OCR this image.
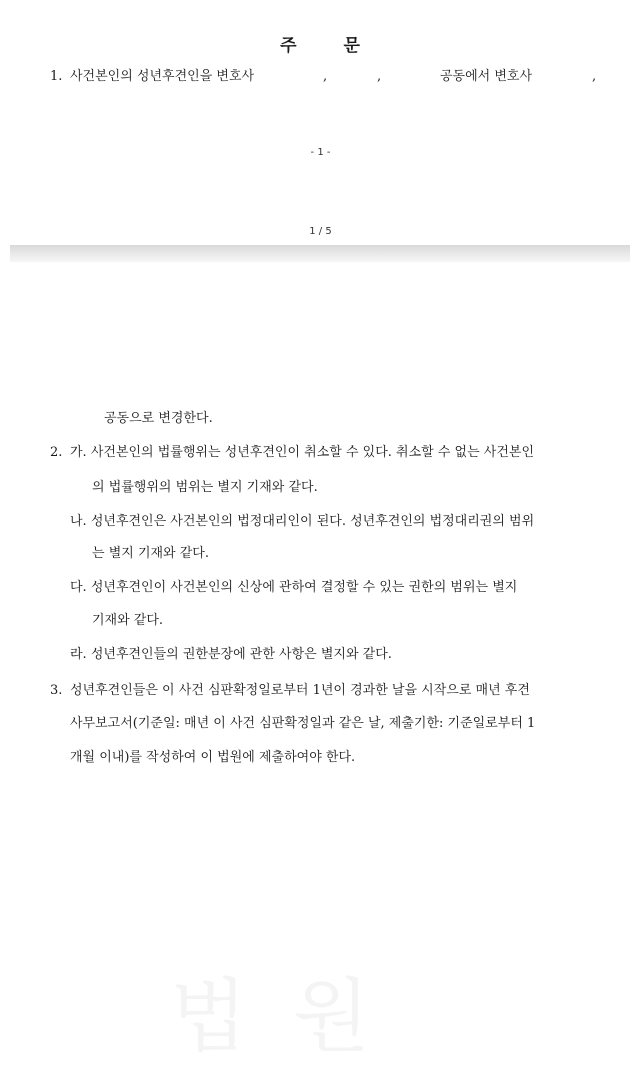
주	문
1. 사건본인의 성년후견인을 변호사	,	,	공동에서 변호사	,
- 1 -
1 / 5
법 원
공동으로 변경한다.
2. 가. 사건본인의 법률행위는 성년후견인이 취소할 수 있다. 취소할 수 없는 사건본인
의 법률행위의 범위는 별지 기재와 같다.
나. 성년후견인은 사건본인의 법정대리인이 된다. 성년후견인의 법정대리권의 범위
는 별지 기재와 같다.
다. 성년후견인이 사건본인의 신상에 관하여 결정할 수 있는 권한의 범위는 별지
기재와 같다.
라. 성년후견인들의 권한분장에 관한 사항은 별지와 같다.
3. 성년후견인들은 이 사건 심판확정일로부터 1년이 경과한 날을 시작으로 매년 후견
사무보고서(기준일: 매년 이 사건 심판확정일과 같은 날, 제출기한: 기준일로부터 1
개월 이내)를 작성하여 이 법원에 제출하여야 한다.
